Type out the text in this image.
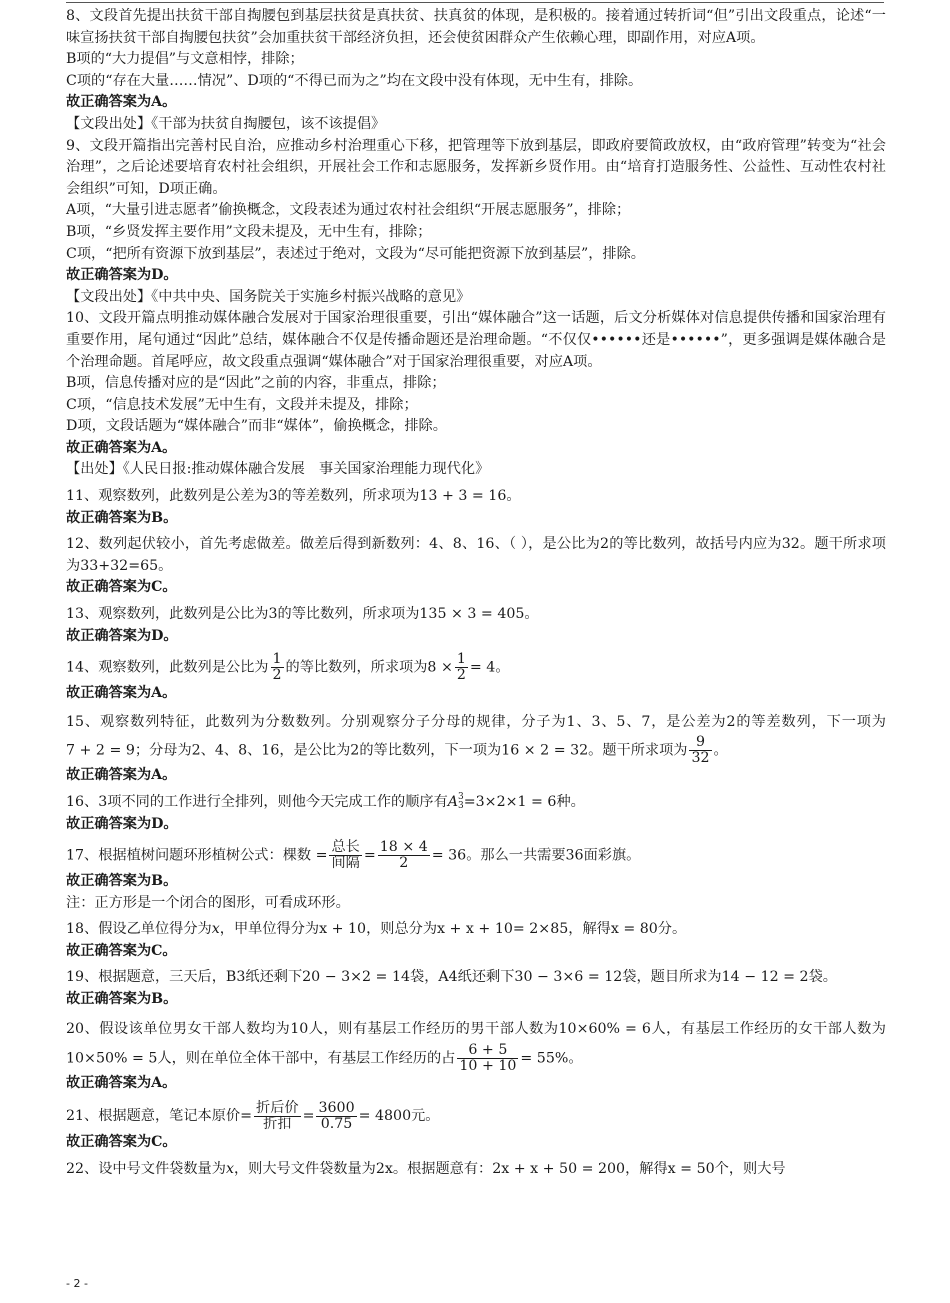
8、文段首先提出扶贫干部自掏腰包到基层扶贫是真扶贫、扶真贫的体现，是积极的。接着通过转折词“但”引出文段重点，论述“一味宣扬扶贫干部自掏腰包扶贫”会加重扶贫干部经济负担，还会使贫困群众产生依赖心理，即副作用，对应A项。

B项的“大力提倡”与文意相悖，排除；

C项的“存在大量……情况”、D项的“不得已而为之”均在文段中没有体现，无中生有，排除。

故正确答案为A。

【文段出处】《干部为扶贫自掏腰包，该不该提倡》

9、文段开篇指出完善村民自治，应推动乡村治理重心下移，把管理等下放到基层，即政府要简政放权，由“政府管理”转变为“社会治理”，之后论述要培育农村社会组织，开展社会工作和志愿服务，发挥新乡贤作用。由“培育打造服务性、公益性、互动性农村社会组织”可知，D项正确。

A项，“大量引进志愿者”偷换概念，文段表述为通过农村社会组织“开展志愿服务”，排除；

B项，“乡贤发挥主要作用”文段未提及，无中生有，排除；

C项，“把所有资源下放到基层”，表述过于绝对，文段为“尽可能把资源下放到基层”，排除。

故正确答案为D。

【文段出处】《中共中央、国务院关于实施乡村振兴战略的意见》

10、文段开篇点明推动媒体融合发展对于国家治理很重要，引出“媒体融合”这一话题，后文分析媒体对信息提供传播和国家治理有重要作用，尾句通过“因此”总结，媒体融合不仅是传播命题还是治理命题。“不仅仅••••••还是••••••”，更多强调是媒体融合是个治理命题。首尾呼应，故文段重点强调“媒体融合”对于国家治理很重要，对应A项。

B项，信息传播对应的是“因此”之前的内容，非重点，排除；

C项，“信息技术发展”无中生有，文段并未提及，排除；

D项，文段话题为“媒体融合”而非“媒体”，偷换概念，排除。

故正确答案为A。

【出处】《人民日报:推动媒体融合发展　事关国家治理能力现代化》

11、观察数列，此数列是公差为3的等差数列，所求项为13 + 3 = 16。

故正确答案为B。

12、数列起伏较小，首先考虑做差。做差后得到新数列：4、8、16、（ ），是公比为2的等比数列，故括号内应为32。题干所求项为33+32=65。

故正确答案为C。

13、观察数列，此数列是公比为3的等比数列，所求项为135 × 3 = 405。

故正确答案为D。

14、观察数列，此数列是公比为 $\frac{1}{2}$ 的等比数列，所求项为$8 \times \frac{1}{2} = 4$。

故正确答案为A。

15、观察数列特征，此数列为分数数列。分别观察分子分母的规律，分子为1、3、5、7，是公差为2的等差数列，下一项为7 + 2 = 9；分母为2、4、8、16，是公比为2的等比数列，下一项为16 × 2 = 32。题干所求项为 $\frac{9}{32}$ 。

故正确答案为A。

16、3项不同的工作进行全排列，则他今天完成工作的顺序有A 3
3 =3×2×1 = 6种。

故正确答案为D。

17、根据植树问题环形植树公式：棵数 = $\frac{\text{总长}}{\text{间隔}} = \frac{18 \times 4}{2} = 36$。那么一共需要36面彩旗。

故正确答案为B。

注：正方形是一个闭合的图形，可看成环形。

18、假设乙单位得分为x，甲单位得分为x + 10，则总分为x + x + 10= 2×85，解得x = 80分。

故正确答案为C。

19、根据题意，三天后，B3纸还剩下20 − 3×2 = 14袋，A4纸还剩下30 − 3×6 = 12袋，题目所求为14 − 12 = 2袋。

故正确答案为B。

20、假设该单位男女干部人数均为10人，则有基层工作经历的男干部人数为10×60% = 6人，有基层工作经历的女干部人数为10×50% = 5人，则在单位全体干部中，有基层工作经历的占 $\frac{6 + 5}{10 + 10} = 55\%$。

故正确答案为A。

21、根据题意，笔记本原价= $\frac{\text{折后价}}{\text{折扣}} = \frac{3600}{0.75} = 4800$元。

故正确答案为C。

22、设中号文件袋数量为x，则大号文件袋数量为2x。根据题意有：2x + x + 50 = 200，解得x = 50个，则大号

- 2 -
